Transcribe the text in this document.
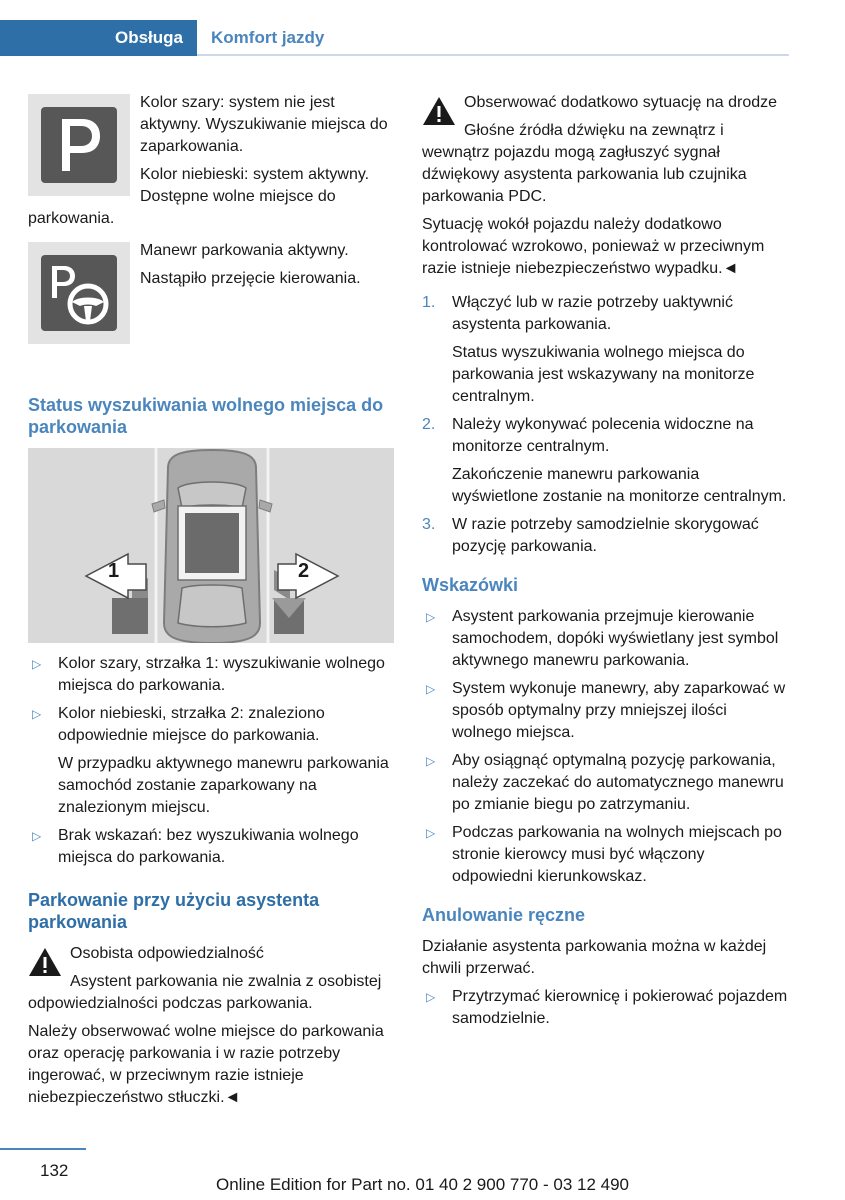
Obsługa	Komfort jazdy

Kolor szary: system nie jest aktywny. Wyszukiwanie miejsca do zaparkowania.

Kolor niebieski: system aktywny. Dostępne wolne miejsce do parkowania.

Manewr parkowania aktywny.

Nastąpiło przejęcie kierowania.

Status wyszukiwania wolnego miejsca do parkowania
1	2
▷ Kolor szary, strzałka 1: wyszukiwanie wolnego miejsca do parkowania.
▷ Kolor niebieski, strzałka 2: znaleziono odpowiednie miejsce do parkowania.
W przypadku aktywnego manewru parkowania samochód zostanie zaparkowany na znalezionym miejscu.
▷ Brak wskazań: bez wyszukiwania wolnego miejsca do parkowania.
Parkowanie przy użyciu asystenta parkowania

Osobista odpowiedzialność

Asystent parkowania nie zwalnia z osobistej odpowiedzialności podczas parkowania.

Należy obserwować wolne miejsce do parkowania oraz operację parkowania i w razie potrzeby ingerować, w przeciwnym razie istnieje niebezpieczeństwo stłuczki.◄

Obserwować dodatkowo sytuację na drodze

Głośne źródła dźwięku na zewnątrz i wewnątrz pojazdu mogą zagłuszyć sygnał dźwiękowy asystenta parkowania lub czujnika parkowania PDC.

Sytuację wokół pojazdu należy dodatkowo kontrolować wzrokowo, ponieważ w przeciwnym razie istnieje niebezpieczeństwo wypadku.◄

1. Włączyć lub w razie potrzeby uaktywnić asystenta parkowania.
Status wyszukiwania wolnego miejsca do parkowania jest wskazywany na monitorze centralnym.
2. Należy wykonywać polecenia widoczne na monitorze centralnym.
Zakończenie manewru parkowania wyświetlone zostanie na monitorze centralnym.
3. W razie potrzeby samodzielnie skorygować pozycję parkowania.
Wskazówki
▷ Asystent parkowania przejmuje kierowanie samochodem, dopóki wyświetlany jest symbol aktywnego manewru parkowania.
▷ System wykonuje manewry, aby zaparkować w sposób optymalny przy mniejszej ilości wolnego miejsca.
▷ Aby osiągnąć optymalną pozycję parkowania, należy zaczekać do automatycznego manewru po zmianie biegu po zatrzymaniu.
▷ Podczas parkowania na wolnych miejscach po stronie kierowcy musi być włączony odpowiedni kierunkowskaz.
Anulowanie ręczne

Działanie asystenta parkowania można w każdej chwili przerwać.

▷ Przytrzymać kierownicę i pokierować pojazdem samodzielnie.
132
Online Edition for Part no. 01 40 2 900 770 - 03 12 490
